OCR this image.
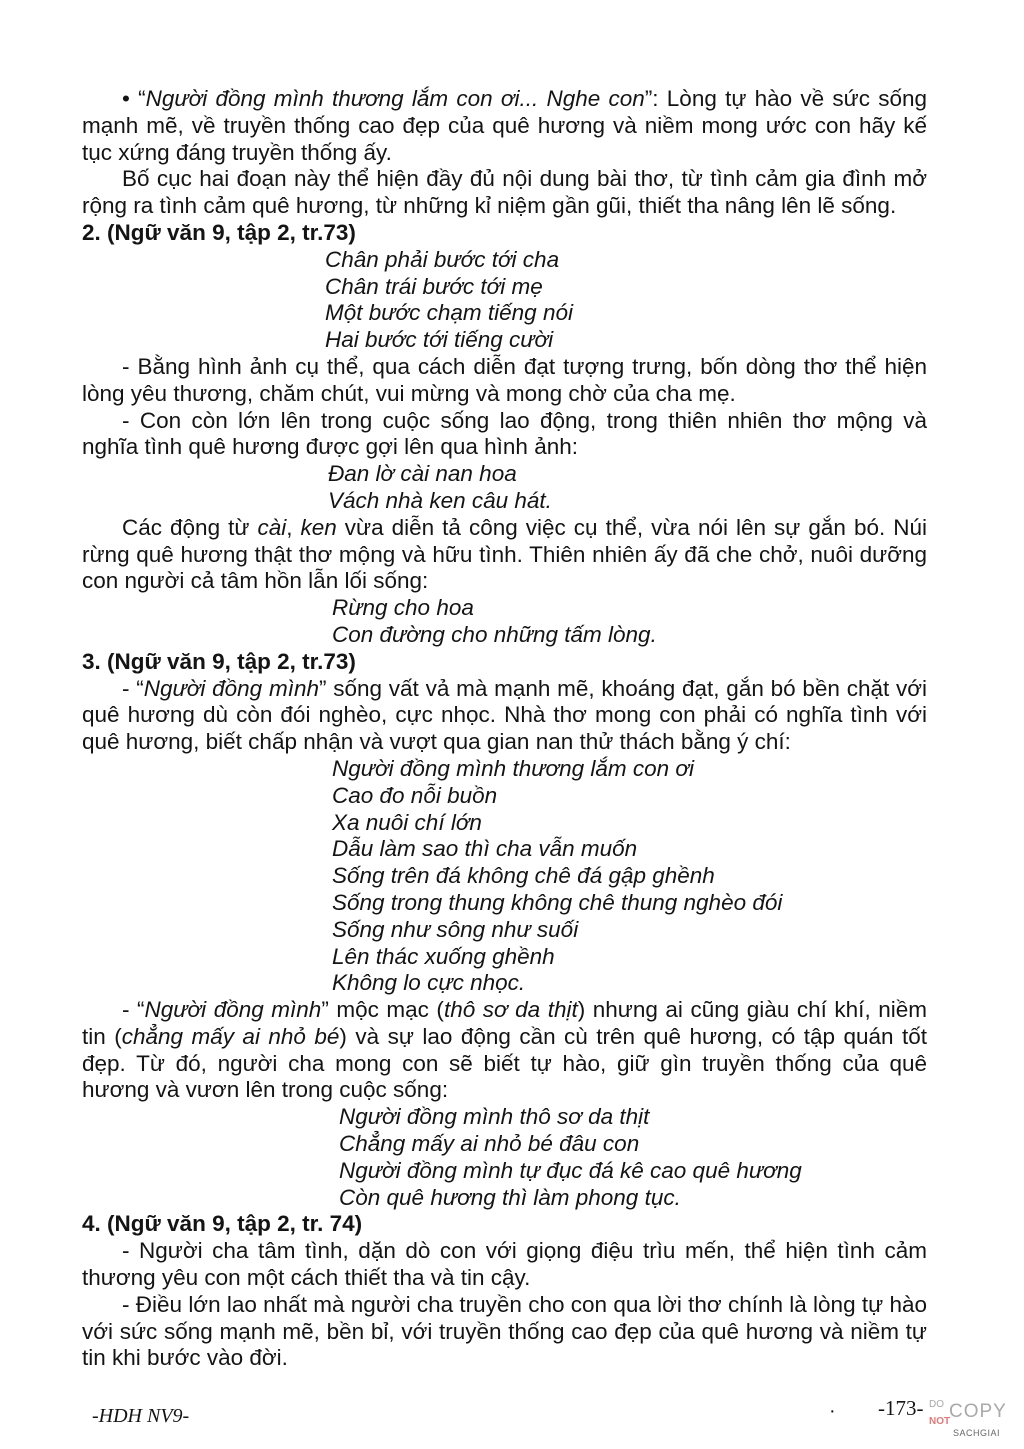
• “Người đồng mình thương lắm con ơi... Nghe con”: Lòng tự hào về sức sống mạnh mẽ, về truyền thống cao đẹp của quê hương và niềm mong ước con hãy kế tục xứng đáng truyền thống ấy.

Bố cục hai đoạn này thể hiện đầy đủ nội dung bài thơ, từ tình cảm gia đình mở rộng ra tình cảm quê hương, từ những kỉ niệm gần gũi, thiết tha nâng lên lẽ sống.

2. (Ngữ văn 9, tập 2, tr.73)

Chân phải bước tới cha

Chân trái bước tới mẹ

Một bước chạm tiếng nói

Hai bước tới tiếng cười

- Bằng hình ảnh cụ thể, qua cách diễn đạt tượng trưng, bốn dòng thơ thể hiện lòng yêu thương, chăm chút, vui mừng và mong chờ của cha mẹ.

- Con còn lớn lên trong cuộc sống lao động, trong thiên nhiên thơ mộng và nghĩa tình quê hương được gợi lên qua hình ảnh:

Đan lờ cài nan hoa

Vách nhà ken câu hát.

Các động từ cài, ken vừa diễn tả công việc cụ thể, vừa nói lên sự gắn bó. Núi rừng quê hương thật thơ mộng và hữu tình. Thiên nhiên ấy đã che chở, nuôi dưỡng con người cả tâm hồn lẫn lối sống:

Rừng cho hoa

Con đường cho những tấm lòng.

3. (Ngữ văn 9, tập 2, tr.73)

- “Người đồng mình” sống vất vả mà mạnh mẽ, khoáng đạt, gắn bó bền chặt với quê hương dù còn đói nghèo, cực nhọc. Nhà thơ mong con phải có nghĩa tình với quê hương, biết chấp nhận và vượt qua gian nan thử thách bằng ý chí:

Người đồng mình thương lắm con ơi

Cao đo nỗi buồn

Xa nuôi chí lớn

Dẫu làm sao thì cha vẫn muốn

Sống trên đá không chê đá gập ghềnh

Sống trong thung không chê thung nghèo đói

Sống như sông như suối

Lên thác xuống ghềnh

Không lo cực nhọc.

- “Người đồng mình” mộc mạc (thô sơ da thịt) nhưng ai cũng giàu chí khí, niềm tin (chẳng mấy ai nhỏ bé) và sự lao động cần cù trên quê hương, có tập quán tốt đẹp. Từ đó, người cha mong con sẽ biết tự hào, giữ gìn truyền thống của quê hương và vươn lên trong cuộc sống:

Người đồng mình thô sơ da thịt

Chẳng mấy ai nhỏ bé đâu con

Người đồng mình tự đục đá kê cao quê hương

Còn quê hương thì làm phong tục.

4. (Ngữ văn 9, tập 2, tr. 74)

- Người cha tâm tình, dặn dò con với giọng điệu trìu mến, thể hiện tình cảm thương yêu con một cách thiết tha và tin cậy.

- Điều lớn lao nhất mà người cha truyền cho con qua lời thơ chính là lòng tự hào với sức sống mạnh mẽ, bền bỉ, với truyền thống cao đẹp của quê hương và niềm tự tin khi bước vào đời.

-HDH NV9-	· -173- DO COPY
NOT
SACHGIAI
